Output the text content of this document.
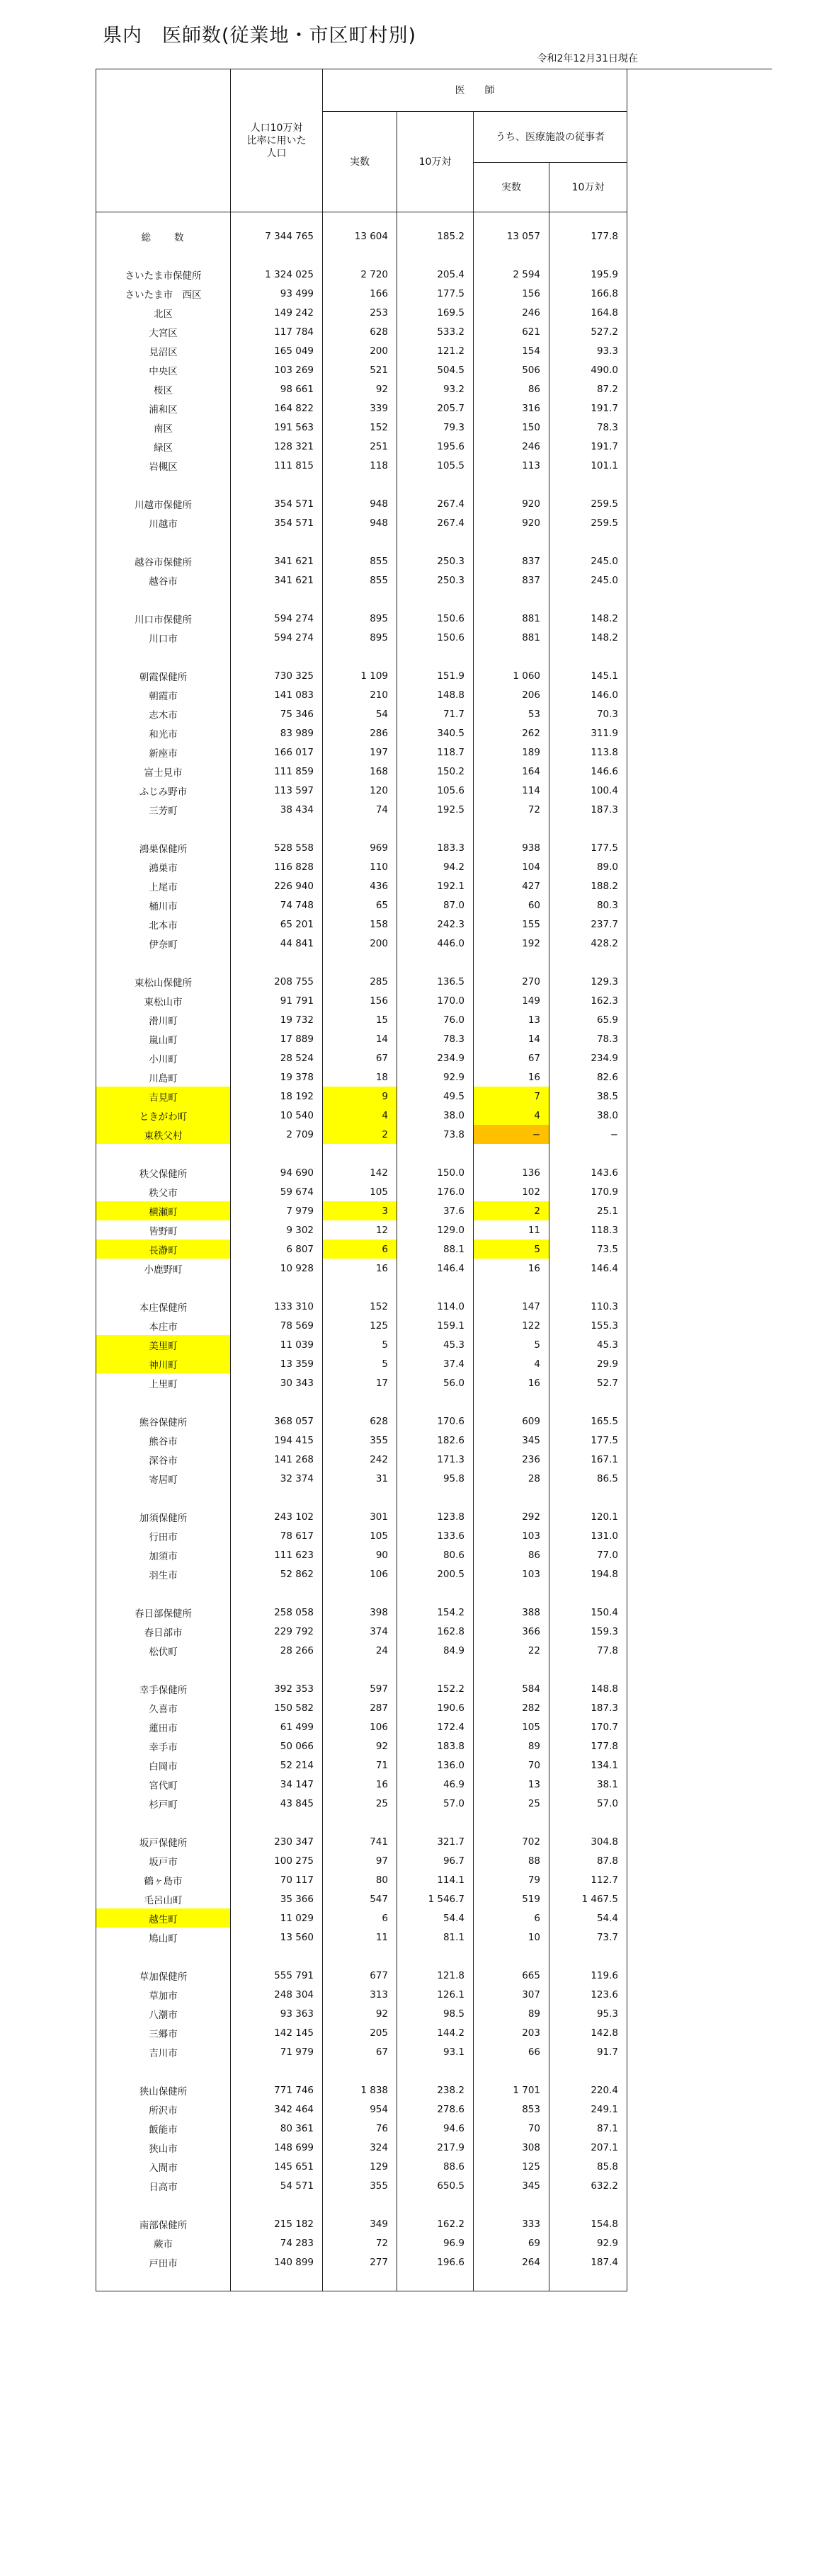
県内　医師数(従業地・市区町村別)
令和2年12月31日現在
	人口10万対
比率に用いた
人口	医　　師			
		実数	10万対	うち、医療施設の従事者	
				実数	10万対

総　　数	7 344 765	13 604	185.2	13 057	177.8

さいたま市保健所	1 324 025	2 720	205.4	2 594	195.9
さいたま市　西区	93 499	166	177.5	156	166.8
北区	149 242	253	169.5	246	164.8
大宮区	117 784	628	533.2	621	527.2
見沼区	165 049	200	121.2	154	93.3
中央区	103 269	521	504.5	506	490.0
桜区	98 661	92	93.2	86	87.2
浦和区	164 822	339	205.7	316	191.7
南区	191 563	152	79.3	150	78.3
緑区	128 321	251	195.6	246	191.7
岩槻区	111 815	118	105.5	113	101.1

川越市保健所	354 571	948	267.4	920	259.5
川越市	354 571	948	267.4	920	259.5

越谷市保健所	341 621	855	250.3	837	245.0
越谷市	341 621	855	250.3	837	245.0

川口市保健所	594 274	895	150.6	881	148.2
川口市	594 274	895	150.6	881	148.2

朝霞保健所	730 325	1 109	151.9	1 060	145.1
朝霞市	141 083	210	148.8	206	146.0
志木市	75 346	54	71.7	53	70.3
和光市	83 989	286	340.5	262	311.9
新座市	166 017	197	118.7	189	113.8
富士見市	111 859	168	150.2	164	146.6
ふじみ野市	113 597	120	105.6	114	100.4
三芳町	38 434	74	192.5	72	187.3

鴻巣保健所	528 558	969	183.3	938	177.5
鴻巣市	116 828	110	94.2	104	89.0
上尾市	226 940	436	192.1	427	188.2
桶川市	74 748	65	87.0	60	80.3
北本市	65 201	158	242.3	155	237.7
伊奈町	44 841	200	446.0	192	428.2

東松山保健所	208 755	285	136.5	270	129.3
東松山市	91 791	156	170.0	149	162.3
滑川町	19 732	15	76.0	13	65.9
嵐山町	17 889	14	78.3	14	78.3
小川町	28 524	67	234.9	67	234.9
川島町	19 378	18	92.9	16	82.6
吉見町	18 192	9	49.5	7	38.5
ときがわ町	10 540	4	38.0	4	38.0
東秩父村	2 709	2	73.8	−	−

秩父保健所	94 690	142	150.0	136	143.6
秩父市	59 674	105	176.0	102	170.9
横瀬町	7 979	3	37.6	2	25.1
皆野町	9 302	12	129.0	11	118.3
長瀞町	6 807	6	88.1	5	73.5
小鹿野町	10 928	16	146.4	16	146.4

本庄保健所	133 310	152	114.0	147	110.3
本庄市	78 569	125	159.1	122	155.3
美里町	11 039	5	45.3	5	45.3
神川町	13 359	5	37.4	4	29.9
上里町	30 343	17	56.0	16	52.7

熊谷保健所	368 057	628	170.6	609	165.5
熊谷市	194 415	355	182.6	345	177.5
深谷市	141 268	242	171.3	236	167.1
寄居町	32 374	31	95.8	28	86.5

加須保健所	243 102	301	123.8	292	120.1
行田市	78 617	105	133.6	103	131.0
加須市	111 623	90	80.6	86	77.0
羽生市	52 862	106	200.5	103	194.8

春日部保健所	258 058	398	154.2	388	150.4
春日部市	229 792	374	162.8	366	159.3
松伏町	28 266	24	84.9	22	77.8

幸手保健所	392 353	597	152.2	584	148.8
久喜市	150 582	287	190.6	282	187.3
蓮田市	61 499	106	172.4	105	170.7
幸手市	50 066	92	183.8	89	177.8
白岡市	52 214	71	136.0	70	134.1
宮代町	34 147	16	46.9	13	38.1
杉戸町	43 845	25	57.0	25	57.0

坂戸保健所	230 347	741	321.7	702	304.8
坂戸市	100 275	97	96.7	88	87.8
鶴ヶ島市	70 117	80	114.1	79	112.7
毛呂山町	35 366	547	1 546.7	519	1 467.5
越生町	11 029	6	54.4	6	54.4
鳩山町	13 560	11	81.1	10	73.7

草加保健所	555 791	677	121.8	665	119.6
草加市	248 304	313	126.1	307	123.6
八潮市	93 363	92	98.5	89	95.3
三郷市	142 145	205	144.2	203	142.8
吉川市	71 979	67	93.1	66	91.7

狭山保健所	771 746	1 838	238.2	1 701	220.4
所沢市	342 464	954	278.6	853	249.1
飯能市	80 361	76	94.6	70	87.1
狭山市	148 699	324	217.9	308	207.1
入間市	145 651	129	88.6	125	85.8
日高市	54 571	355	650.5	345	632.2

南部保健所	215 182	349	162.2	333	154.8
蕨市	74 283	72	96.9	69	92.9
戸田市	140 899	277	196.6	264	187.4
